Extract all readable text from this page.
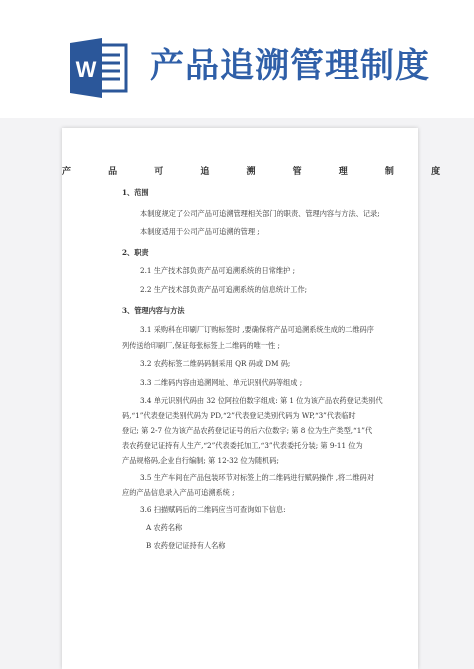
W 产品追溯管理制度
产 品 可 追 溯 管 理 制 度
1、范围
本制度规定了公司产品可追溯管理相关部门的职责、管理内容与方法、记录;
本制度适用于公司产品可追溯的管理 ;
2、职责
2.1 生产技术部负责产品可追溯系统的日常维护 ;
2.2 生产技术部负责产品可追溯系统的信息统计工作;
3、管理内容与方法
3.1 采购科在印刷厂订购标签时 ,要确保将产品可追溯系统生成的二维码序
列传送给印刷厂,保证每张标签上二维码的唯一性 ;
3.2 农药标签二维码码制采用 QR 码或 DM 码;
3.3 二维码内容由追溯网址、单元识别代码等组成 ;
3.4 单元识别代码由 32 位阿拉伯数字组成: 第 1 位为该产品农药登记类别代
码,“1”代表登记类别代码为 PD,“2”代表登记类别代码为 WP,“3”代表临时
登记; 第 2-7 位为该产品农药登记证号的后六位数字; 第 8 位为生产类型,“1”代
表农药登记证持有人生产,“2”代表委托加工,“3”代表委托分装; 第 9-11 位为
产品规格码,企业自行编制; 第 12-32 位为随机码;
3.5 生产车间在产品包装环节对标签上的二维码进行赋码操作 ,将二维码对
应的产品信息录入产品可追溯系统 ;
3.6 扫描赋码后的二维码应当可查询如下信息:
A 农药名称
B 农药登记证持有人名称
